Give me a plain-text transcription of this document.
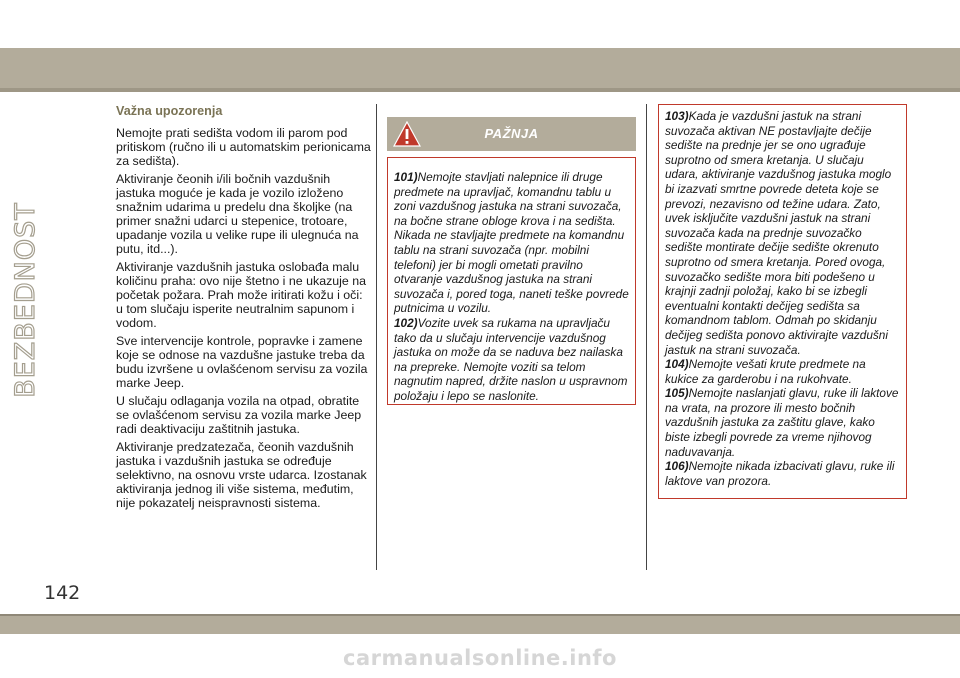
BEZBEDNOST
Važna upozorenja

Nemojte prati sedišta vodom ili parom pod pritiskom (ručno ili u automatskim perionicama za sedišta).

Aktiviranje čeonih i/ili bočnih vazdušnih jastuka moguće je kada je vozilo izloženo snažnim udarima u predelu dna školjke (na primer snažni udarci u stepenice, trotoare, upadanje vozila u velike rupe ili ulegnuća na putu, itd...).

Aktiviranje vazdušnih jastuka oslobađa malu količinu praha: ovo nije štetno i ne ukazuje na početak požara. Prah može iritirati kožu i oči: u tom slučaju isperite neutralnim sapunom i vodom.

Sve intervencije kontrole, popravke i zamene koje se odnose na vazdušne jastuke treba da budu izvršene u ovlašćenom servisu za vozila marke Jeep.

U slučaju odlaganja vozila na otpad, obratite se ovlašćenom servisu za vozila marke Jeep radi deaktivaciju zaštitnih jastuka.

Aktiviranje predzatezača, čeonih vazdušnih jastuka i vazdušnih jastuka se određuje selektivno, na osnovu vrste udarca. Izostanak aktiviranja jednog ili više sistema, međutim, nije pokazatelj neispravnosti sistema.

PAŽNJA

101)Nemojte stavljati nalepnice ili druge predmete na upravljač, komandnu tablu u zoni vazdušnog jastuka na strani suvozača, na bočne strane obloge krova i na sedišta. Nikada ne stavljajte predmete na komandnu tablu na strani suvozača (npr. mobilni telefoni) jer bi mogli ometati pravilno otvaranje vazdušnog jastuka na strani suvozača i, pored toga, naneti teške povrede putnicima u vozilu.

102)Vozite uvek sa rukama na upravljaču tako da u slučaju intervencije vazdušnog jastuka on može da se naduva bez nailaska na prepreke. Nemojte voziti sa telom nagnutim napred, držite naslon u uspravnom položaju i lepo se naslonite.

103)Kada je vazdušni jastuk na strani suvozača aktivan NE postavljajte dečije sedište na prednje jer se ono ugrađuje suprotno od smera kretanja. U slučaju udara, aktiviranje vazdušnog jastuka moglo bi izazvati smrtne povrede deteta koje se prevozi, nezavisno od težine udara. Zato, uvek isključite vazdušni jastuk na strani suvozača kada na prednje suvozačko sedište montirate dečije sedište okrenuto suprotno od smera kretanja. Pored ovoga, suvozačko sedište mora biti podešeno u krajnji zadnji položaj, kako bi se izbegli eventualni kontakti dečijeg sedišta sa komandnom tablom. Odmah po skidanju dečijeg sedišta ponovo aktivirajte vazdušni jastuk na strani suvozača.

104)Nemojte vešati krute predmete na kukice za garderobu i na rukohvate.

105)Nemojte naslanjati glavu, ruke ili laktove na vrata, na prozore ili mesto bočnih vazdušnih jastuka za zaštitu glave, kako biste izbegli povrede za vreme njihovog naduvavanja.

106)Nemojte nikada izbacivati glavu, ruke ili laktove van prozora.

142
carmanualsonline.info
